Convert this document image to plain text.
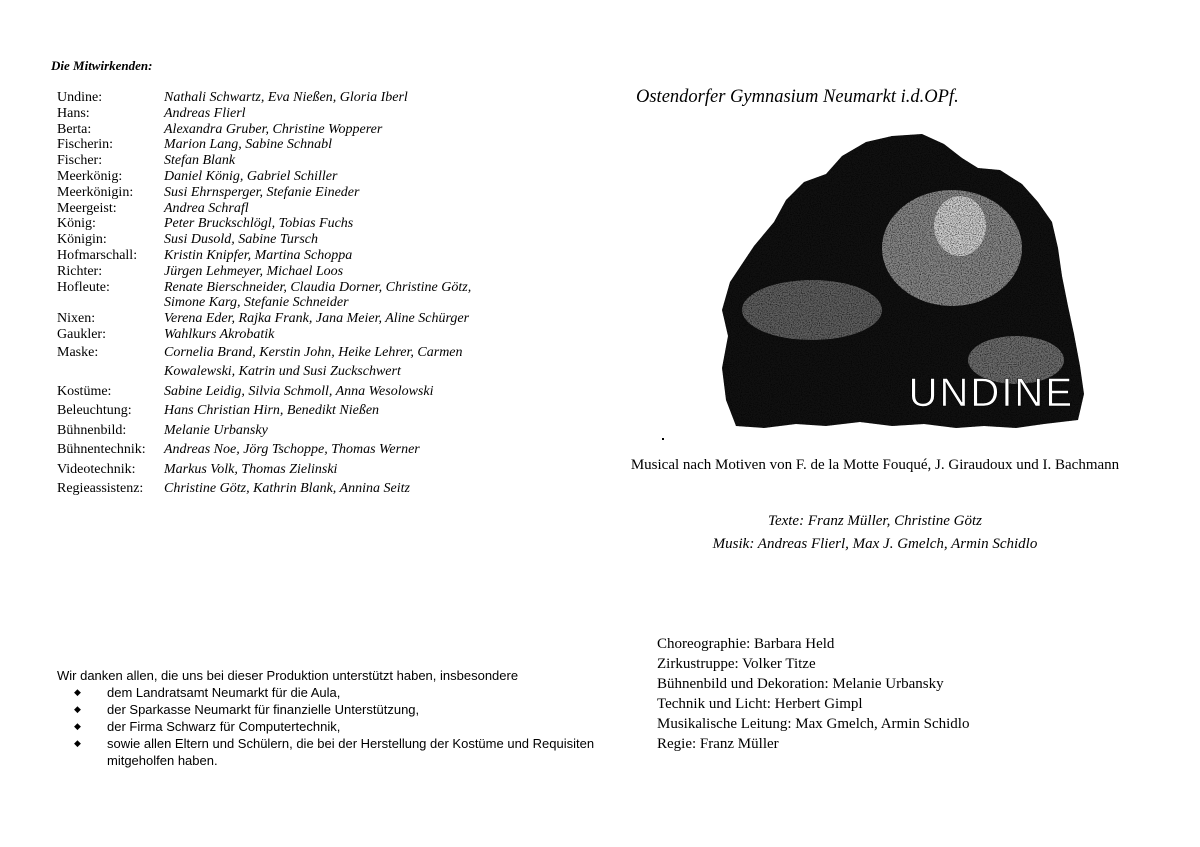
Die Mitwirkenden:
Undine:	Nathali Schwartz, Eva Nießen, Gloria Iberl

Hans:	Andreas Flierl

Berta:	Alexandra Gruber, Christine Wopperer

Fischerin:	Marion Lang, Sabine Schnabl

Fischer:	Stefan Blank

Meerkönig:	Daniel König, Gabriel Schiller

Meerkönigin:	Susi Ehrnsperger, Stefanie Eineder

Meergeist:	Andrea Schrafl

König:	Peter Bruckschlögl, Tobias Fuchs

Königin:	Susi Dusold, Sabine Tursch

Hofmarschall:	Kristin Knipfer, Martina Schoppa

Richter:	Jürgen Lehmeyer, Michael Loos

Hofleute:	Renate Bierschneider, Claudia Dorner, Christine Götz,
Simone Karg, Stefanie Schneider

Nixen:	Verena Eder, Rajka Frank, Jana Meier, Aline Schürger

Gaukler:	Wahlkurs Akrobatik

Maske:	Cornelia Brand, Kerstin John, Heike Lehrer, Carmen
Kowalewski, Katrin und Susi Zuckschwert

Kostüme:	Sabine Leidig, Silvia Schmoll, Anna Wesolowski

Beleuchtung:	Hans Christian Hirn, Benedikt Nießen

Bühnenbild:	Melanie Urbansky

Bühnentechnik:	Andreas Noe, Jörg Tschoppe, Thomas Werner

Videotechnik:	Markus Volk, Thomas Zielinski

Regieassistenz:	Christine Götz, Kathrin Blank, Annina Seitz
Wir danken allen, die uns bei dieser Produktion unterstützt haben, insbesondere
◆ dem Landratsamt Neumarkt für die Aula,
◆ der Sparkasse Neumarkt für finanzielle Unterstützung,
◆ der Firma Schwarz für Computertechnik,
◆ sowie allen Eltern und Schülern, die bei der Herstellung der Kostüme und Requisiten mitgeholfen haben.
Ostendorfer Gymnasium Neumarkt i.d.OPf.
UNDINE
Musical nach Motiven von F. de la Motte Fouqué, J. Giraudoux und I. Bachmann
Texte: Franz Müller, Christine Götz
Musik: Andreas Flierl, Max J. Gmelch, Armin Schidlo
Choreographie: Barbara Held
Zirkustruppe: Volker Titze
Bühnenbild und Dekoration: Melanie Urbansky
Technik und Licht: Herbert Gimpl
Musikalische Leitung: Max Gmelch, Armin Schidlo
Regie: Franz Müller
